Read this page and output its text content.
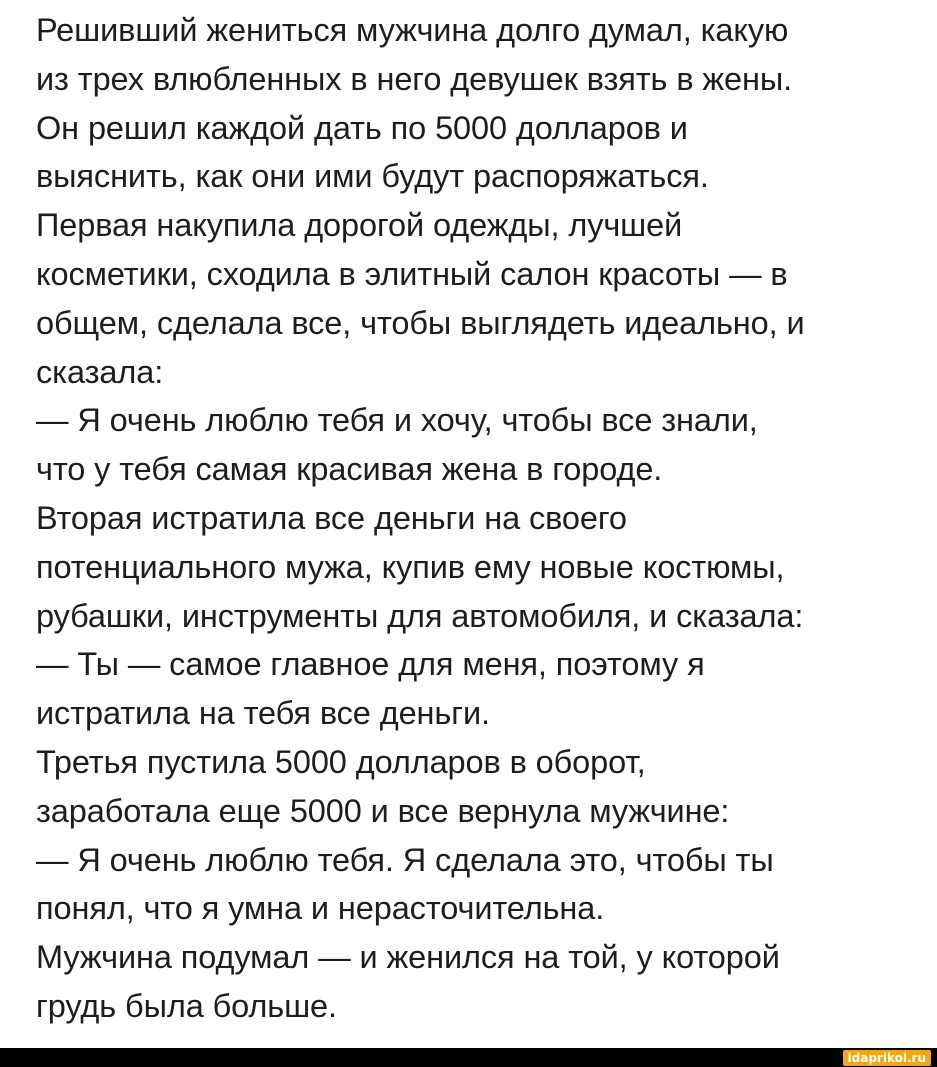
Решивший жениться мужчина долго думал, какую
из трех влюбленных в него девушек взять в жены.
Он решил каждой дать по 5000 долларов и
выяснить, как они ими будут распоряжаться.
Первая накупила дорогой одежды, лучшей
косметики, сходила в элитный салон красоты — в
общем, сделала все, чтобы выглядеть идеально, и
сказала:
— Я очень люблю тебя и хочу, чтобы все знали,
что у тебя самая красивая жена в городе.
Вторая истратила все деньги на своего
потенциального мужа, купив ему новые костюмы,
рубашки, инструменты для автомобиля, и сказала:
— Ты — самое главное для меня, поэтому я
истратила на тебя все деньги.
Третья пустила 5000 долларов в оборот,
заработала еще 5000 и все вернула мужчине:
— Я очень люблю тебя. Я сделала это, чтобы ты
понял, что я умна и нерасточительна.
Мужчина подумал — и женился на той, у которой
грудь была больше.
idaprikol.ru
